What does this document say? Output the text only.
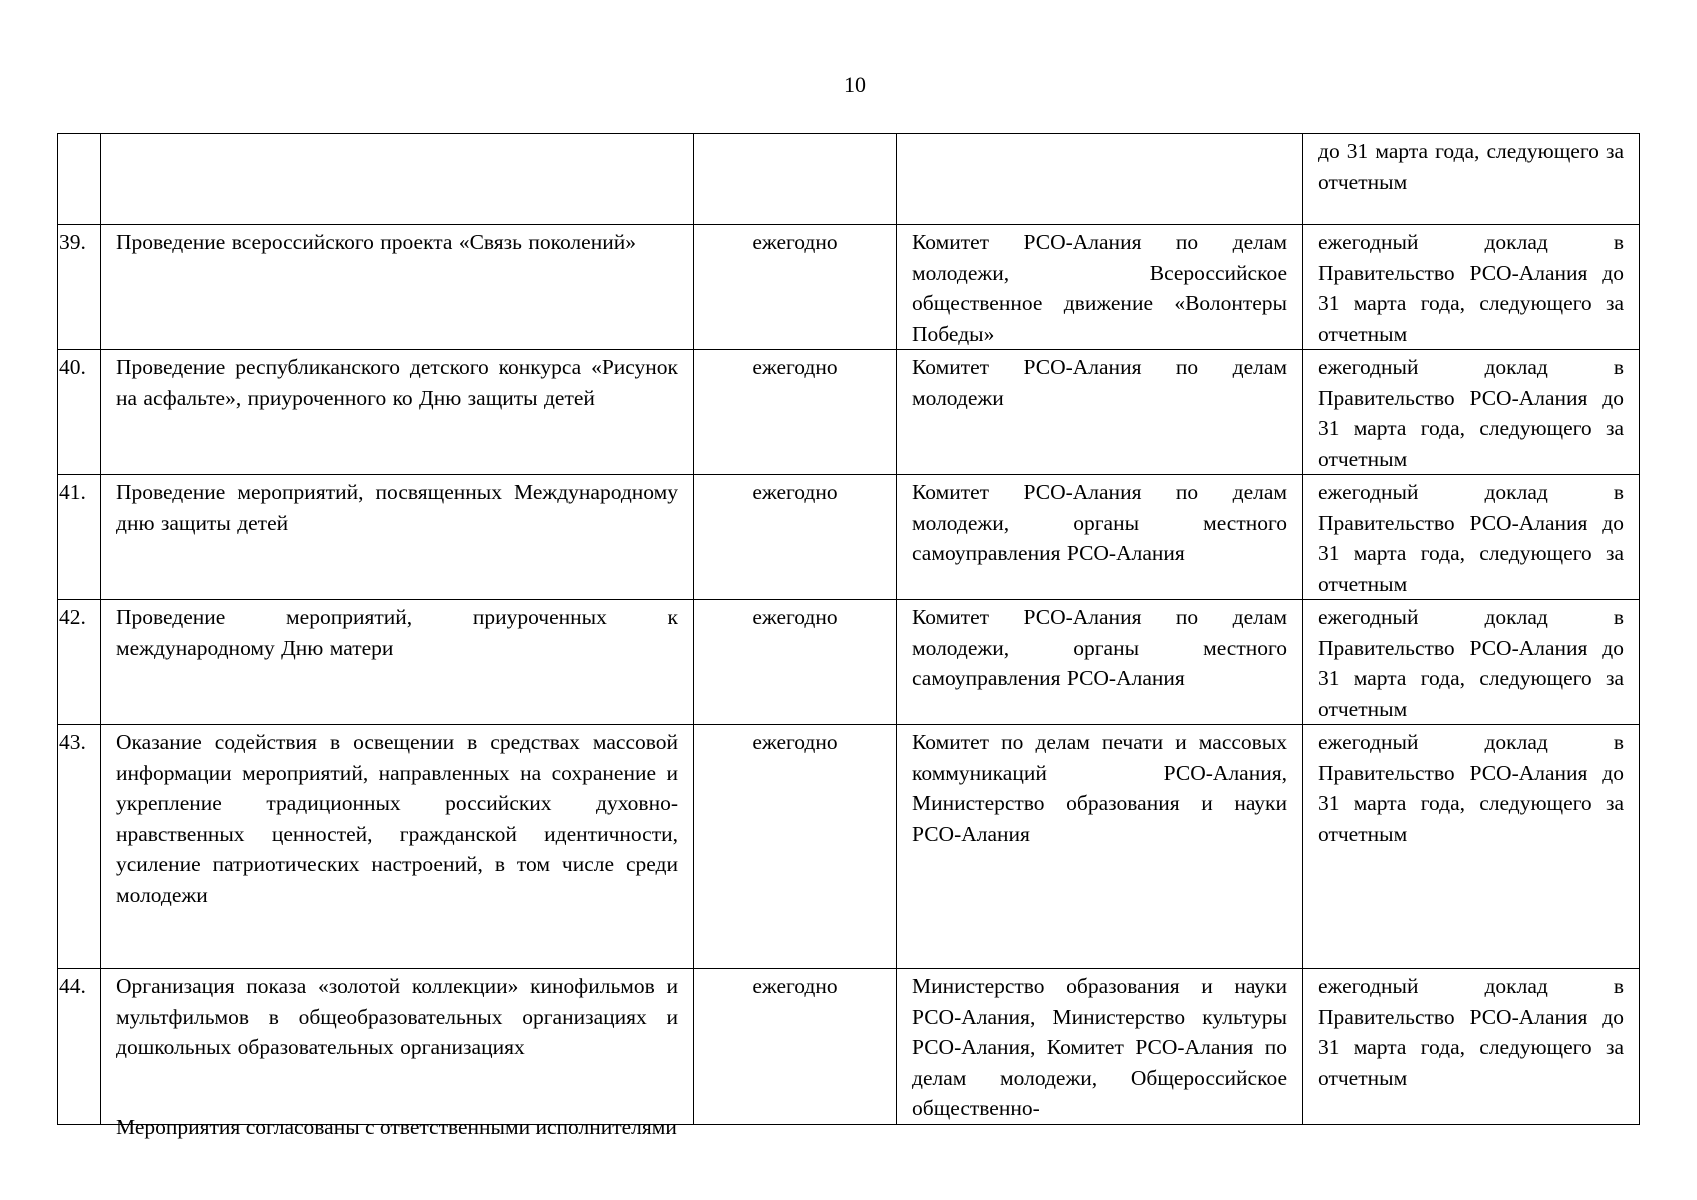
10
				до 31 марта года, следующего за отчетным
39.	Проведение всероссийского проекта «Связь поколений»	ежегодно	Комитет РСО-Алания по делам молодежи, Всероссийское общественное движение «Волонтеры Победы»	ежегодный доклад в Правительство РСО-Алания до 31 марта года, следующего за отчетным
40.	Проведение республиканского детского конкурса «Рисунок на асфальте», приуроченного ко Дню защиты детей	ежегодно	Комитет РСО-Алания по делам молодежи	ежегодный доклад в Правительство РСО-Алания до 31 марта года, следующего за отчетным
41.	Проведение мероприятий, посвященных Международному дню защиты детей	ежегодно	Комитет РСО-Алания по делам молодежи, органы местного самоуправления РСО-Алания	ежегодный доклад в Правительство РСО-Алания до 31 марта года, следующего за отчетным
42.	Проведение мероприятий, приуроченных к международному Дню матери	ежегодно	Комитет РСО-Алания по делам молодежи, органы местного самоуправления РСО-Алания	ежегодный доклад в Правительство РСО-Алания до 31 марта года, следующего за отчетным
43.	Оказание содействия в освещении в средствах массовой информации мероприятий, направленных на сохранение и укрепление традиционных российских духовно-нравственных ценностей, гражданской идентичности, усиление патриотических настроений, в том числе среди молодежи	ежегодно	Комитет по делам печати и массовых коммуникаций РСО-Алания, Министерство образования и науки РСО-Алания	ежегодный доклад в Правительство РСО-Алания до 31 марта года, следующего за отчетным
44.	Организация показа «золотой коллекции» кинофильмов и мультфильмов в общеобразовательных организациях и дошкольных образовательных организациях	ежегодно	Министерство образования и науки РСО-Алания, Министерство культуры РСО-Алания, Комитет РСО-Алания по делам молодежи, Общероссийское общественно-	ежегодный доклад в Правительство РСО-Алания до 31 марта года, следующего за отчетным
Мероприятия согласованы с ответственными исполнителями
